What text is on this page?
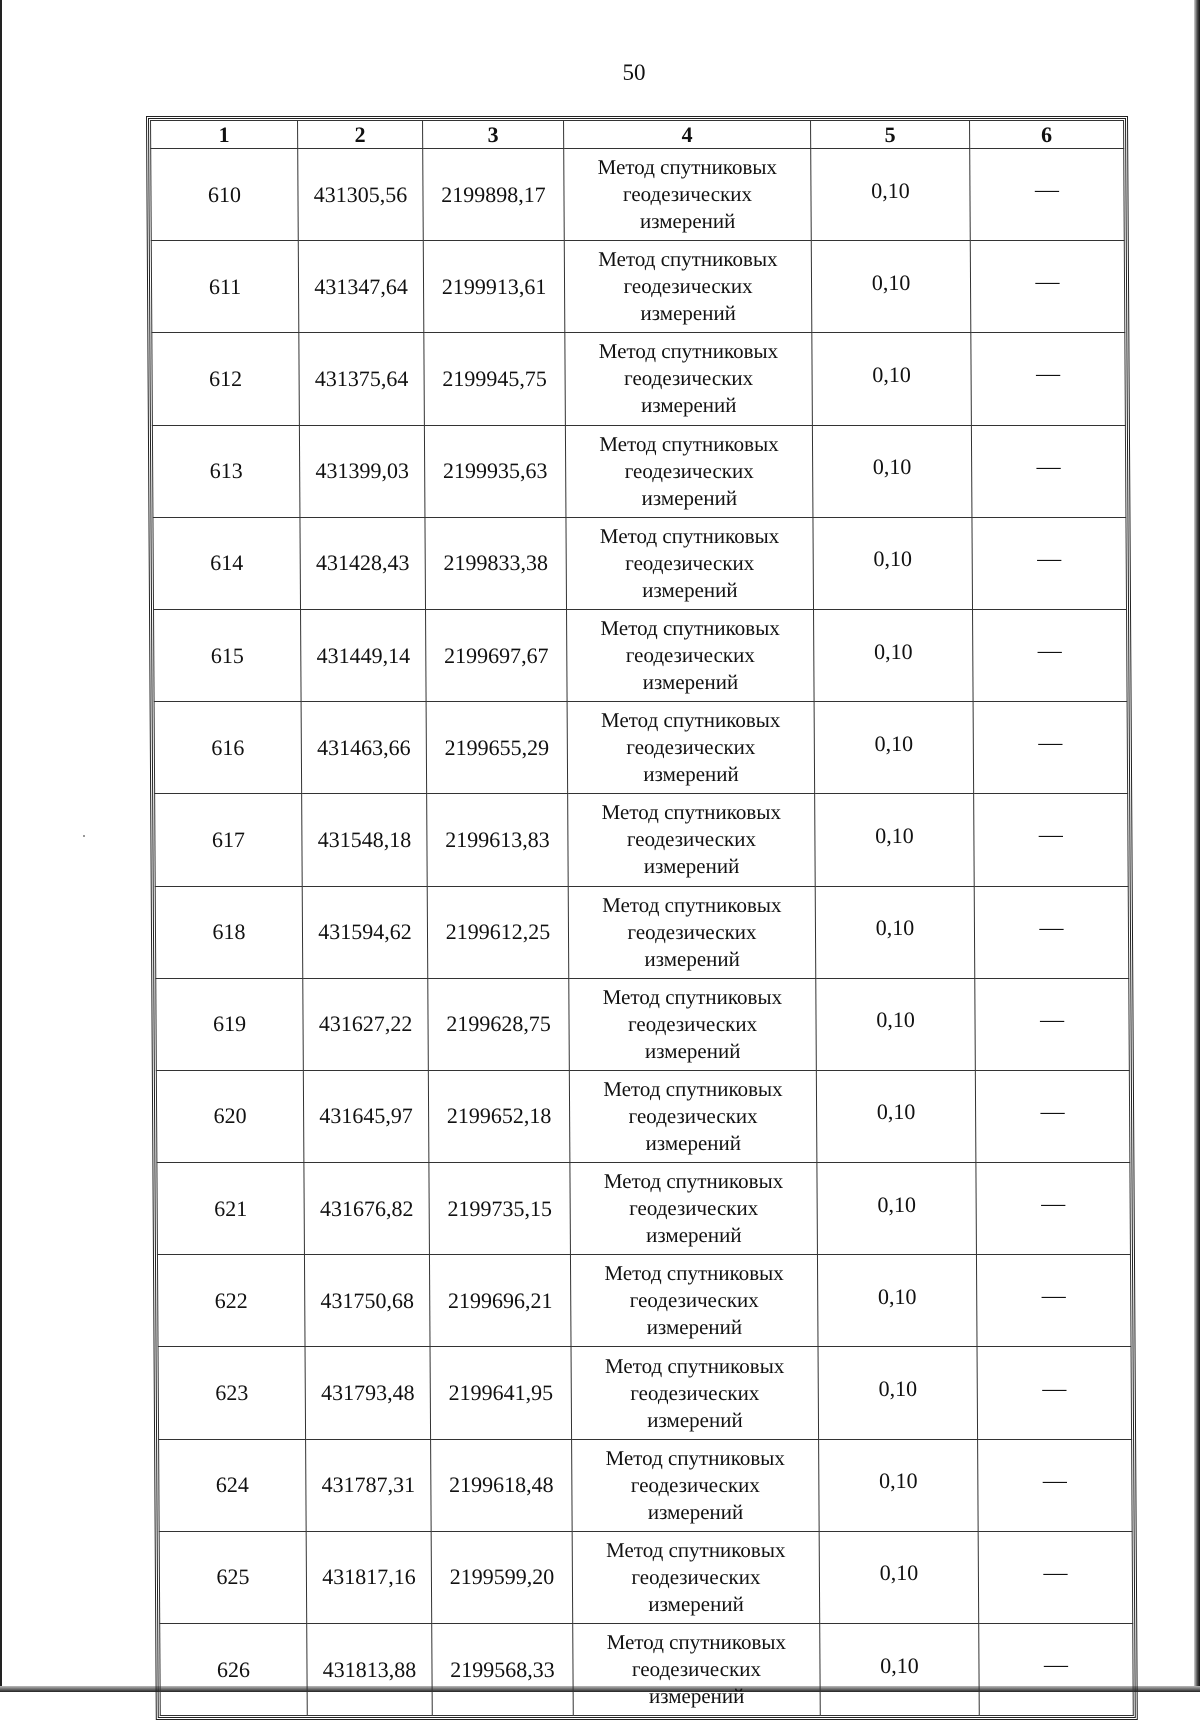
50
1	2	3	4	5	6
610	431305,56	2199898,17	Метод спутниковых
геодезических
измерений	0,10	—
611	431347,64	2199913,61	Метод спутниковых
геодезических
измерений	0,10	—
612	431375,64	2199945,75	Метод спутниковых
геодезических
измерений	0,10	—
613	431399,03	2199935,63	Метод спутниковых
геодезических
измерений	0,10	—
614	431428,43	2199833,38	Метод спутниковых
геодезических
измерений	0,10	—
615	431449,14	2199697,67	Метод спутниковых
геодезических
измерений	0,10	—
616	431463,66	2199655,29	Метод спутниковых
геодезических
измерений	0,10	—
617	431548,18	2199613,83	Метод спутниковых
геодезических
измерений	0,10	—
618	431594,62	2199612,25	Метод спутниковых
геодезических
измерений	0,10	—
619	431627,22	2199628,75	Метод спутниковых
геодезических
измерений	0,10	—
620	431645,97	2199652,18	Метод спутниковых
геодезических
измерений	0,10	—
621	431676,82	2199735,15	Метод спутниковых
геодезических
измерений	0,10	—
622	431750,68	2199696,21	Метод спутниковых
геодезических
измерений	0,10	—
623	431793,48	2199641,95	Метод спутниковых
геодезических
измерений	0,10	—
624	431787,31	2199618,48	Метод спутниковых
геодезических
измерений	0,10	—
625	431817,16	2199599,20	Метод спутниковых
геодезических
измерений	0,10	—
626	431813,88	2199568,33	Метод спутниковых
геодезических
измерений	0,10	—
